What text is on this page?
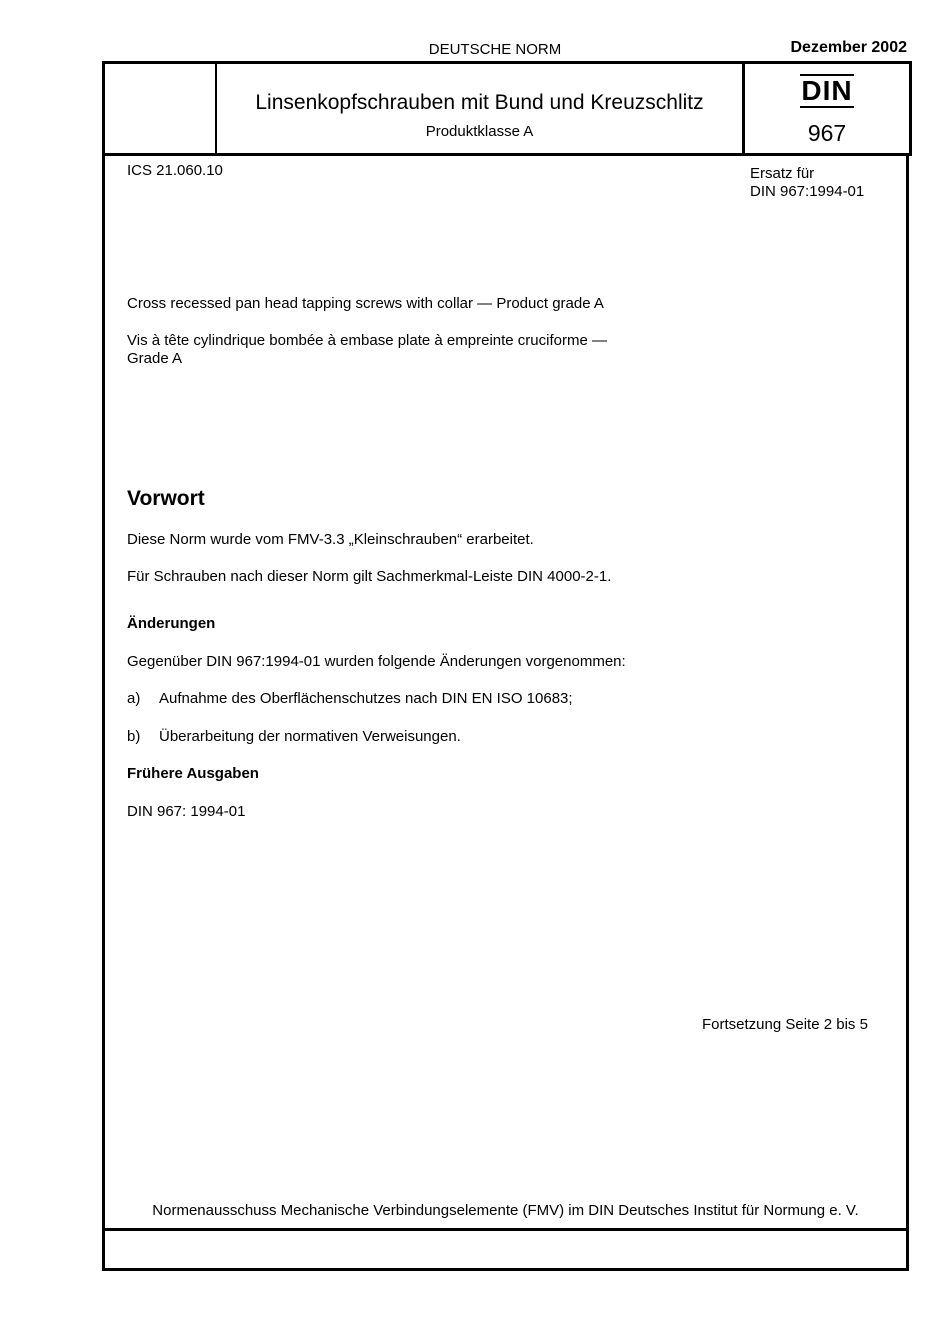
DEUTSCHE NORM	Dezember 2002
Linsenkopfschrauben mit Bund und Kreuzschlitz
Produktklasse A
DIN
967
ICS 21.060.10	Ersatz für
DIN 967:1994-01
Cross recessed pan head tapping screws with collar — Product grade A
Vis à tête cylindrique bombée à embase plate à empreinte cruciforme —
Grade A
Vorwort
Diese Norm wurde vom FMV-3.3 „Kleinschrauben“ erarbeitet.
Für Schrauben nach dieser Norm gilt Sachmerkmal-Leiste DIN 4000-2-1.
Änderungen
Gegenüber DIN 967:1994-01 wurden folgende Änderungen vorgenommen:
a) Aufnahme des Oberflächenschutzes nach DIN EN ISO 10683;
b) Überarbeitung der normativen Verweisungen.
Frühere Ausgaben
DIN 967: 1994-01
Fortsetzung Seite 2 bis 5
Normenausschuss Mechanische Verbindungselemente (FMV) im DIN Deutsches Institut für Normung e. V.
